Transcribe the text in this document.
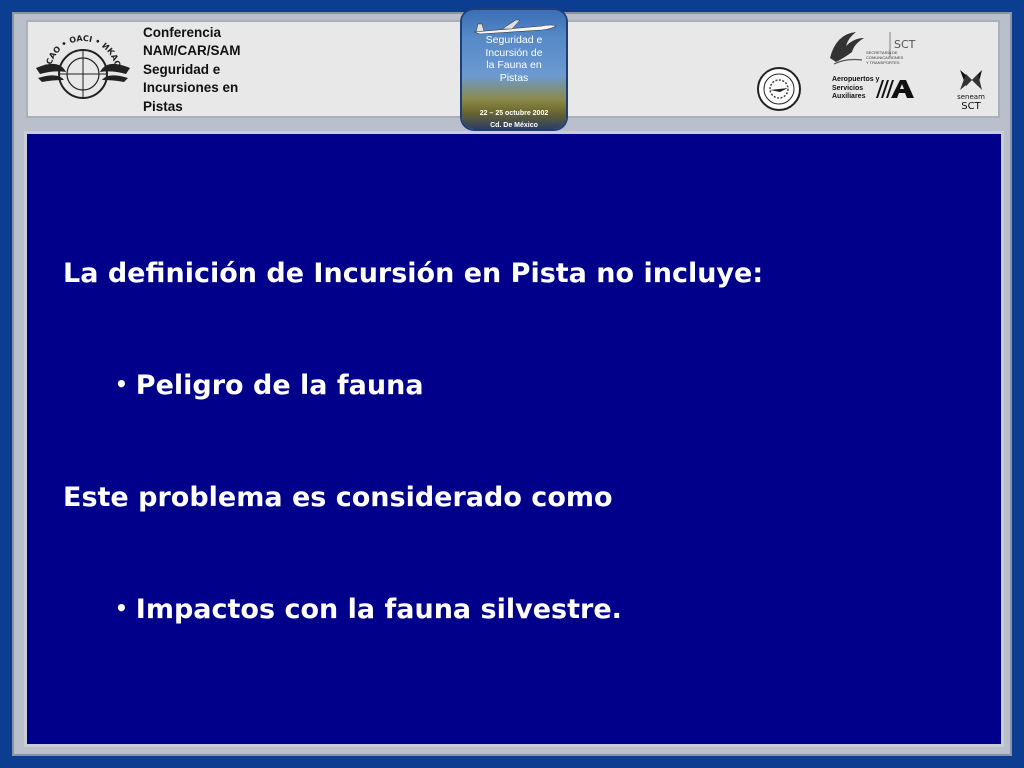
ICAO • OACI • ИКАО
Conferencia
NAM/CAR/SAM
Seguridad e
Incursiones en
Pistas
Seguridad e
Incursión de
la Fauna en
Pistas
22 – 25 octubre 2002
Cd. De México
SCT
SECRETARÍA DE COMUNICACIONES Y TRANSPORTES
Aeropuertos y
Servicios
Auxiliares	seneam
SCT
La definición de Incursión en Pista no incluye:
• Peligro de la fauna
Este problema es considerado como
• Impactos con la fauna silvestre.
